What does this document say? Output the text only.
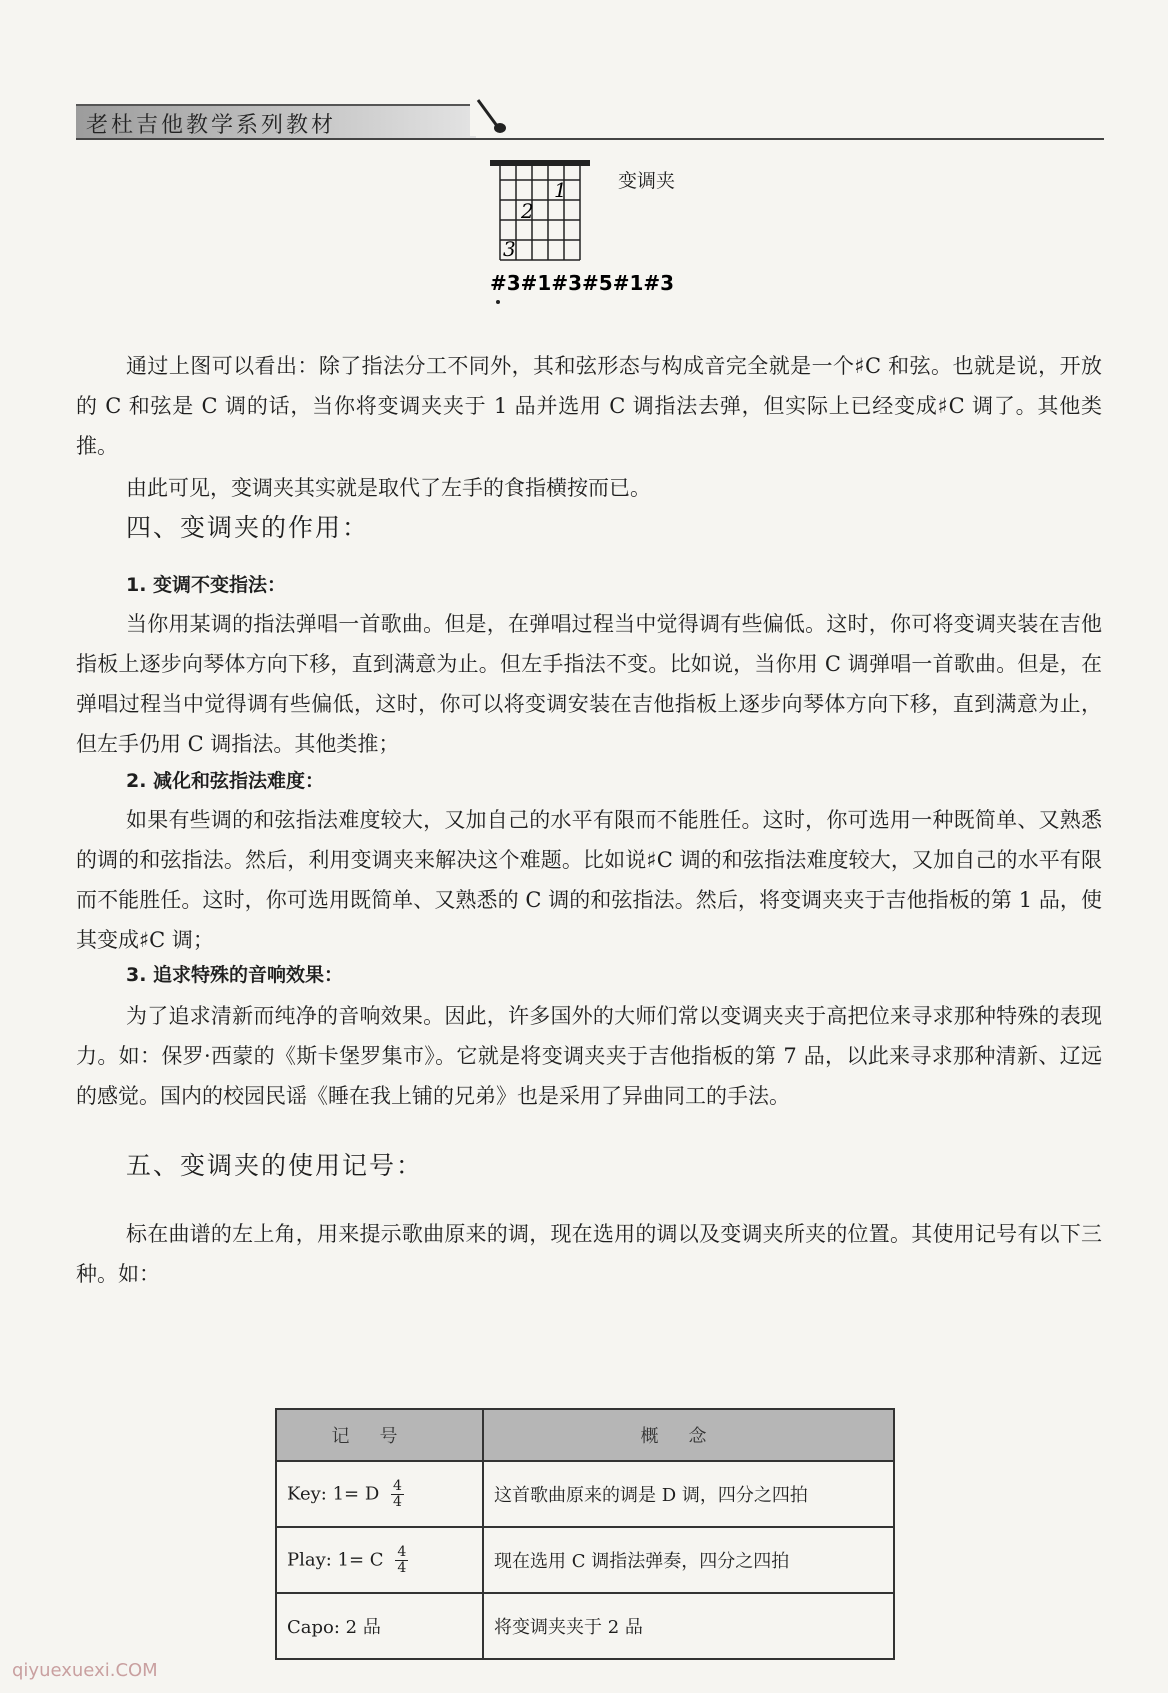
老杜吉他教学系列教材
1
2
3
#3#1#3#5#1#3
变调夹

通过上图可以看出：除了指法分工不同外，其和弦形态与构成音完全就是一个♯C 和弦。也就是说，开放的 C 和弦是 C 调的话，当你将变调夹夹于 1 品并选用 C 调指法去弹，但实际上已经变成♯C 调了。其他类推。

由此可见，变调夹其实就是取代了左手的食指横按而已。

四、变调夹的作用：
1. 变调不变指法：

当你用某调的指法弹唱一首歌曲。但是，在弹唱过程当中觉得调有些偏低。这时，你可将变调夹装在吉他指板上逐步向琴体方向下移，直到满意为止。但左手指法不变。比如说，当你用 C 调弹唱一首歌曲。但是，在弹唱过程当中觉得调有些偏低，这时，你可以将变调安装在吉他指板上逐步向琴体方向下移，直到满意为止，但左手仍用 C 调指法。其他类推；

2. 减化和弦指法难度：

如果有些调的和弦指法难度较大，又加自己的水平有限而不能胜任。这时，你可选用一种既简单、又熟悉的调的和弦指法。然后，利用变调夹来解决这个难题。比如说♯C 调的和弦指法难度较大，又加自己的水平有限而不能胜任。这时，你可选用既简单、又熟悉的 C 调的和弦指法。然后，将变调夹夹于吉他指板的第 1 品，使其变成♯C 调；

3. 追求特殊的音响效果：

为了追求清新而纯净的音响效果。因此，许多国外的大师们常以变调夹夹于高把位来寻求那种特殊的表现力。如：保罗·西蒙的《斯卡堡罗集市》。它就是将变调夹夹于吉他指板的第 7 品，以此来寻求那种清新、辽远的感觉。国内的校园民谣《睡在我上铺的兄弟》也是采用了异曲同工的手法。

五、变调夹的使用记号：

标在曲谱的左上角，用来提示歌曲原来的调，现在选用的调以及变调夹所夹的位置。其使用记号有以下三种。如：

记号	概念
Key: 1= D $\frac{4}{4}$	这首歌曲原来的调是 D 调，四分之四拍
Play: 1= C $\frac{4}{4}$	现在选用 C 调指法弹奏，四分之四拍
Capo: 2 品	将变调夹夹于 2 品
qiyuexuexi.COM
